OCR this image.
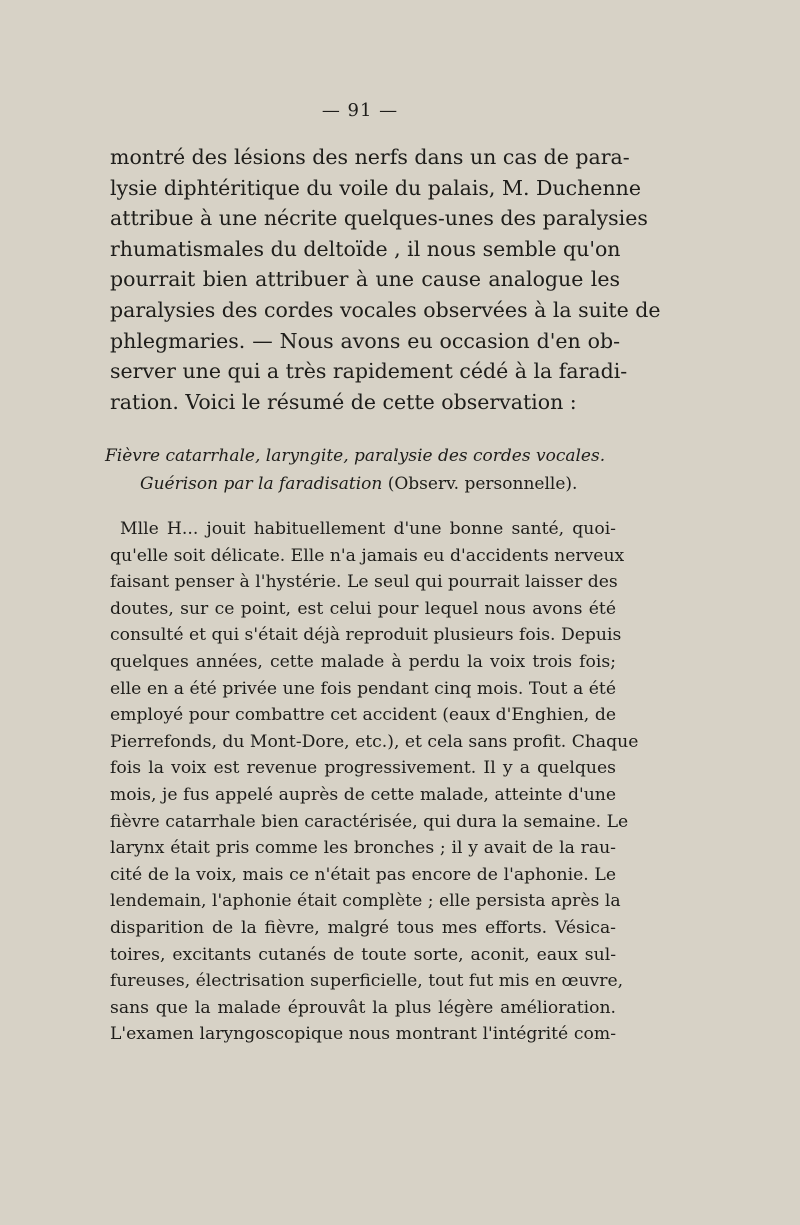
— 91 —
montré des lésions des nerfs dans un cas de para-
lysie diphtéritique du voile du palais, M. Duchenne
attribue à une nécrite quelques-unes des paralysies
rhumatismales du deltoïde , il nous semble qu'on
pourrait bien attribuer à une cause analogue les
paralysies des cordes vocales observées à la suite de
phlegmaries. — Nous avons eu occasion d'en ob-
server une qui a très rapidement cédé à la faradi-
ration. Voici le résumé de cette observation :
Fièvre catarrhale, laryngite, paralysie des cordes vocales.
Guérison par la faradisation (Observ. personnelle).
Mlle H... jouit habituellement d'une bonne santé, quoi-
qu'elle soit délicate. Elle n'a jamais eu d'accidents nerveux
faisant penser à l'hystérie. Le seul qui pourrait laisser des
doutes, sur ce point, est celui pour lequel nous avons été
consulté et qui s'était déjà reproduit plusieurs fois. Depuis
quelques années, cette malade à perdu la voix trois fois;
elle en a été privée une fois pendant cinq mois. Tout a été
employé pour combattre cet accident (eaux d'Enghien, de
Pierrefonds, du Mont-Dore, etc.), et cela sans profit. Chaque
fois la voix est revenue progressivement. Il y a quelques
mois, je fus appelé auprès de cette malade, atteinte d'une
fièvre catarrhale bien caractérisée, qui dura la semaine. Le
larynx était pris comme les bronches ; il y avait de la rau-
cité de la voix, mais ce n'était pas encore de l'aphonie. Le
lendemain, l'aphonie était complète ; elle persista après la
disparition de la fièvre, malgré tous mes efforts. Vésica-
toires, excitants cutanés de toute sorte, aconit, eaux sul-
fureuses, électrisation superficielle, tout fut mis en œuvre,
sans que la malade éprouvât la plus légère amélioration.
L'examen laryngoscopique nous montrant l'intégrité com-
